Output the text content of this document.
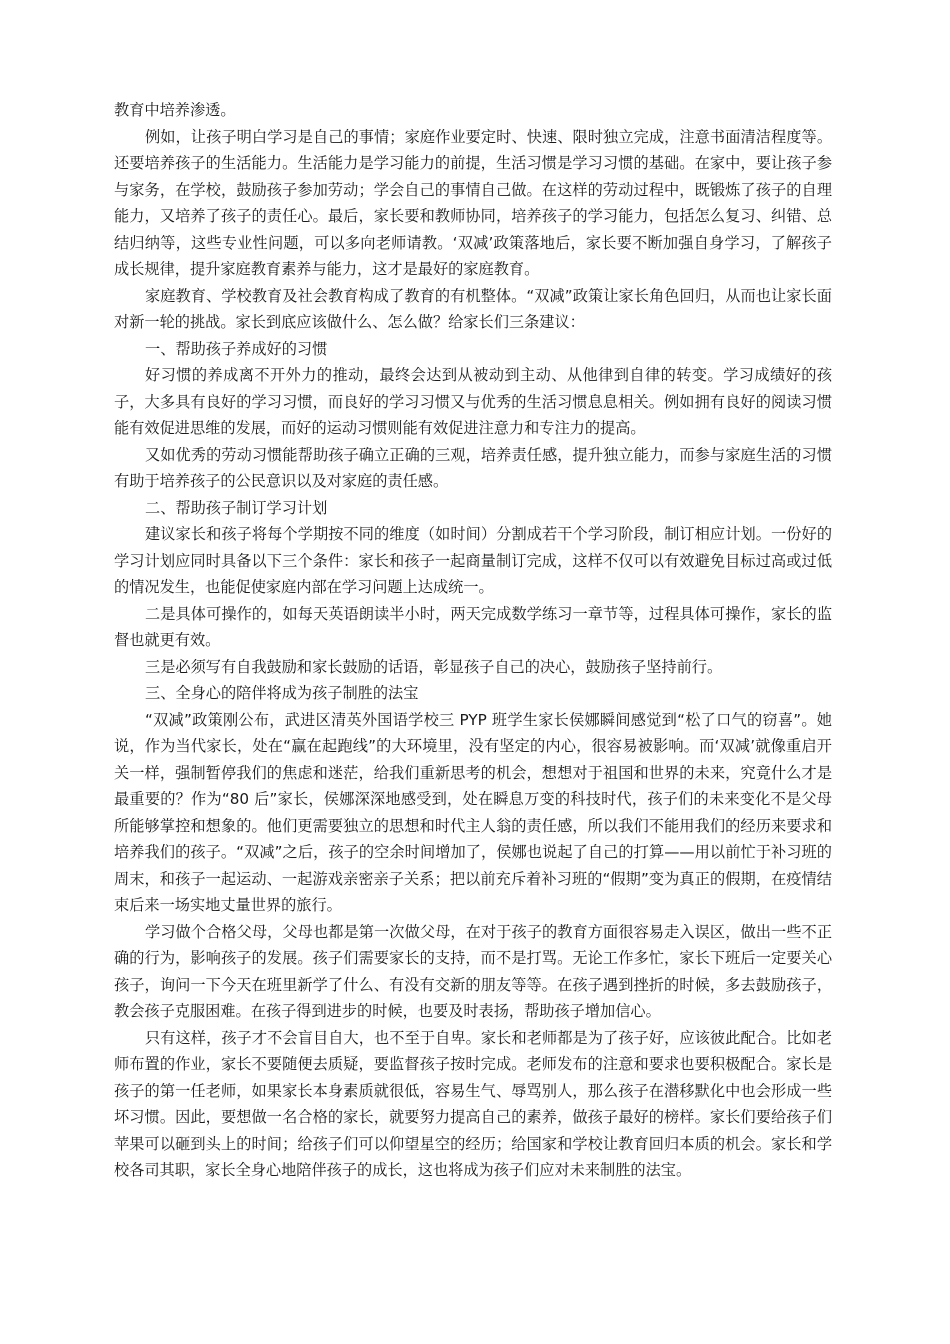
教育中培养渗透。

例如，让孩子明白学习是自己的事情；家庭作业要定时、快速、限时独立完成，注意书面清洁程度等。还要培养孩子的生活能力。生活能力是学习能力的前提，生活习惯是学习习惯的基础。在家中，要让孩子参与家务，在学校，鼓励孩子参加劳动；学会自己的事情自己做。在这样的劳动过程中，既锻炼了孩子的自理能力，又培养了孩子的责任心。最后，家长要和教师协同，培养孩子的学习能力，包括怎么复习、纠错、总结归纳等，这些专业性问题，可以多向老师请教。‘双减’政策落地后，家长要不断加强自身学习，了解孩子成长规律，提升家庭教育素养与能力，这才是最好的家庭教育。

家庭教育、学校教育及社会教育构成了教育的有机整体。“双减”政策让家长角色回归，从而也让家长面对新一轮的挑战。家长到底应该做什么、怎么做？给家长们三条建议：

一、帮助孩子养成好的习惯

好习惯的养成离不开外力的推动，最终会达到从被动到主动、从他律到自律的转变。学习成绩好的孩子，大多具有良好的学习习惯，而良好的学习习惯又与优秀的生活习惯息息相关。例如拥有良好的阅读习惯能有效促进思维的发展，而好的运动习惯则能有效促进注意力和专注力的提高。

又如优秀的劳动习惯能帮助孩子确立正确的三观，培养责任感，提升独立能力，而参与家庭生活的习惯有助于培养孩子的公民意识以及对家庭的责任感。

二、帮助孩子制订学习计划

建议家长和孩子将每个学期按不同的维度（如时间）分割成若干个学习阶段，制订相应计划。一份好的学习计划应同时具备以下三个条件：家长和孩子一起商量制订完成，这样不仅可以有效避免目标过高或过低的情况发生，也能促使家庭内部在学习问题上达成统一。

二是具体可操作的，如每天英语朗读半小时，两天完成数学练习一章节等，过程具体可操作，家长的监督也就更有效。

三是必须写有自我鼓励和家长鼓励的话语，彰显孩子自己的决心，鼓励孩子坚持前行。

三、全身心的陪伴将成为孩子制胜的法宝

“双减”政策刚公布，武进区清英外国语学校三 PYP 班学生家长侯娜瞬间感觉到“松了口气的窃喜”。她说，作为当代家长，处在“赢在起跑线”的大环境里，没有坚定的内心，很容易被影响。而‘双减’就像重启开关一样，强制暂停我们的焦虑和迷茫，给我们重新思考的机会，想想对于祖国和世界的未来，究竟什么才是最重要的？作为“80 后”家长，侯娜深深地感受到，处在瞬息万变的科技时代，孩子们的未来变化不是父母所能够掌控和想象的。他们更需要独立的思想和时代主人翁的责任感，所以我们不能用我们的经历来要求和培养我们的孩子。“双减”之后，孩子的空余时间增加了，侯娜也说起了自己的打算——用以前忙于补习班的周末，和孩子一起运动、一起游戏亲密亲子关系；把以前充斥着补习班的“假期”变为真正的假期，在疫情结束后来一场实地丈量世界的旅行。

学习做个合格父母，父母也都是第一次做父母，在对于孩子的教育方面很容易走入误区，做出一些不正确的行为，影响孩子的发展。孩子们需要家长的支持，而不是打骂。无论工作多忙，家长下班后一定要关心孩子，询问一下今天在班里新学了什么、有没有交新的朋友等等。在孩子遇到挫折的时候，多去鼓励孩子，教会孩子克服困难。在孩子得到进步的时候，也要及时表扬，帮助孩子增加信心。

只有这样，孩子才不会盲目自大，也不至于自卑。家长和老师都是为了孩子好，应该彼此配合。比如老师布置的作业，家长不要随便去质疑，要监督孩子按时完成。老师发布的注意和要求也要积极配合。家长是孩子的第一任老师，如果家长本身素质就很低，容易生气、辱骂别人，那么孩子在潜移默化中也会形成一些坏习惯。因此，要想做一名合格的家长，就要努力提高自己的素养，做孩子最好的榜样。家长们要给孩子们苹果可以砸到头上的时间；给孩子们可以仰望星空的经历；给国家和学校让教育回归本质的机会。家长和学校各司其职，家长全身心地陪伴孩子的成长，这也将成为孩子们应对未来制胜的法宝。
